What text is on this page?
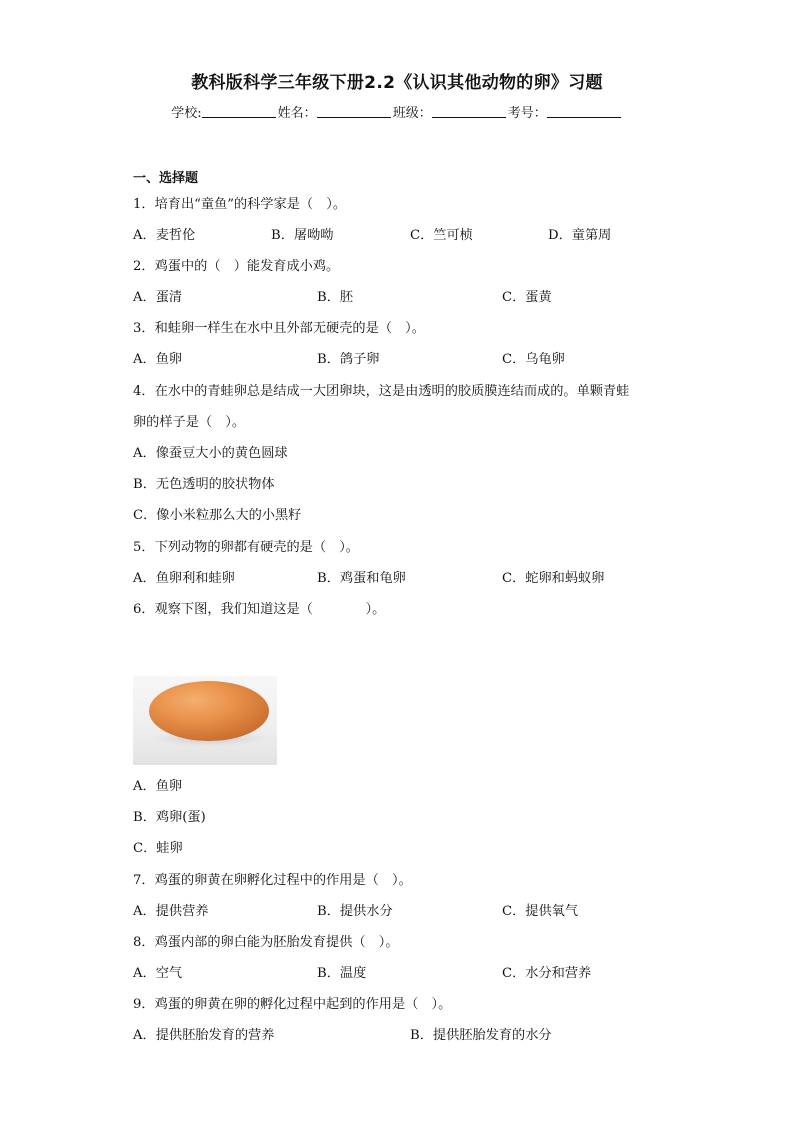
教科版科学三年级下册2.2《认识其他动物的卵》习题
学校:	姓名：	班级：	考号：
一、选择题
1．培育出“童鱼”的科学家是（　）。
A．麦哲伦	B．屠呦呦	C．竺可桢	D．童第周
2．鸡蛋中的（　）能发育成小鸡。
A．蛋清	B．胚	C．蛋黄
3．和蛙卵一样生在水中且外部无硬壳的是（　）。
A．鱼卵	B．鸽子卵	C．乌龟卵
4．在水中的青蛙卵总是结成一大团卵块，这是由透明的胶质膜连结而成的。单颗青蛙
卵的样子是（　）。
A．像蚕豆大小的黄色圆球
B．无色透明的胶状物体
C．像小米粒那么大的小黑籽
5．下列动物的卵都有硬壳的是（　）。
A．鱼卵利和蛙卵	B．鸡蛋和龟卵	C．蛇卵和蚂蚁卵
6．观察下图，我们知道这是（　　　　）。
A．鱼卵
B．鸡卵(蛋)
C．蛙卵
7．鸡蛋的卵黄在卵孵化过程中的作用是（　）。
A．提供营养	B．提供水分	C．提供氧气
8．鸡蛋内部的卵白能为胚胎发育提供（　）。
A．空气	B．温度	C．水分和营养
9．鸡蛋的卵黄在卵的孵化过程中起到的作用是（　）。
A．提供胚胎发育的营养	B．提供胚胎发育的水分
